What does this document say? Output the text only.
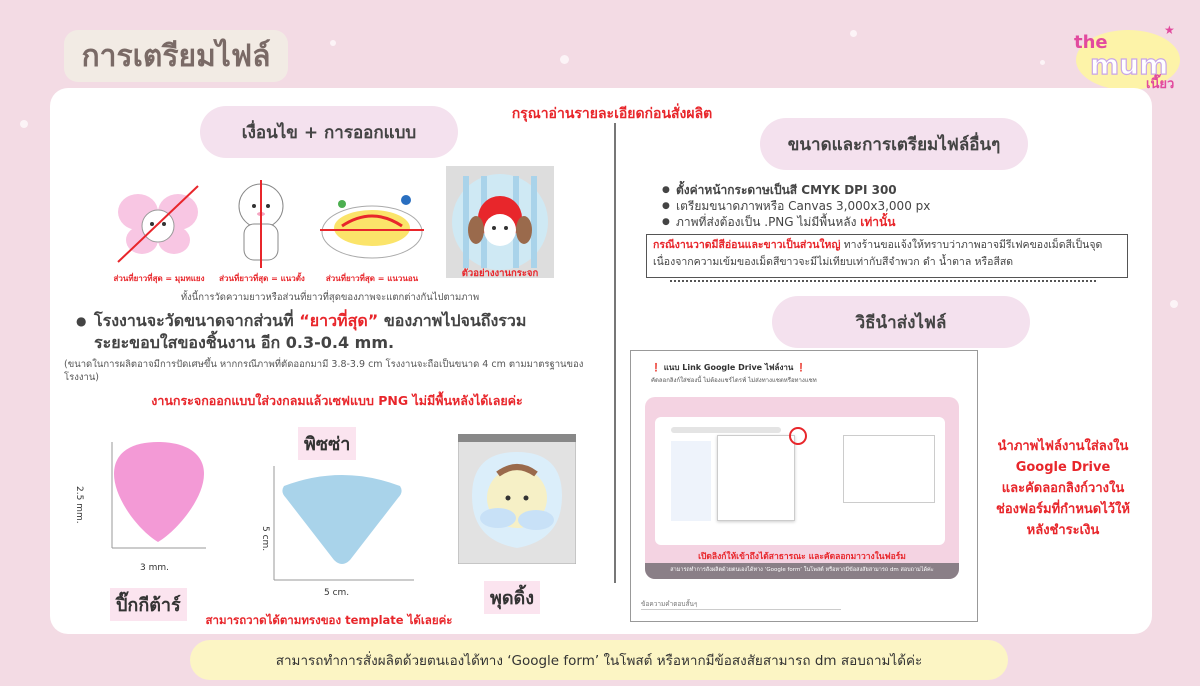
การเตรียมไฟล์	the
mum
เนี๊ยว
★
กรุณาอ่านรายละเอียดก่อนสั่งผลิต
เงื่อนไข + การออกแบบ
ส่วนที่ยาวที่สุด = มุมทแยง	ส่วนที่ยาวที่สุด = แนวตั้ง	ส่วนที่ยาวที่สุด = แนวนอน	ตัวอย่างงานกระจก
ทั้งนี้การวัดความยาวหรือส่วนที่ยาวที่สุดของภาพจะแตกต่างกันไปตามภาพ
● โรงงานจะวัดขนาดจากส่วนที่ “ยาวที่สุด” ของภาพไปจนถึงรวม
ระยะขอบใสของชิ้นงาน อีก 0.3-0.4 mm.
(ขนาดในการผลิตอาจมีการปัดเศษขึ้น หากกรณีภาพที่ตัดออกมามี 3.8-3.9 cm โรงงานจะถือเป็นขนาด 4 cm ตามมาตรฐานของโรงงาน)
งานกระจกออกแบบใส่วงกลมแล้วเซฟแบบ PNG ไม่มีพื้นหลังได้เลยค่ะ
2.5 mm.
3 mm.
ปิ๊กกีต้าร์
พิซซ่า
5 cm.
5 cm.	พุดดิ้ง
สามารถวาดได้ตามทรงของ template ได้เลยค่ะ
ขนาดและการเตรียมไฟล์อื่นๆ
● ตั้งค่าหน้ากระดาษเป็นสี CMYK DPI 300
● เตรียมขนาดภาพหรือ Canvas 3,000x3,000 px
● ภาพที่ส่งต้องเป็น .PNG ไม่มีพื้นหลัง เท่านั้น
กรณีงานวาดมีสีอ่อนและขาวเป็นส่วนใหญ่ ทางร้านขอแจ้งให้ทราบว่าภาพอาจมีรีเฟคของเม็ดสีเป็นจุดเนื่องจากความเข้มของเม็ดสีขาวจะมีไม่เทียบเท่ากับสีจำพวก ดำ น้ำตาล หรือสีสด
วิธีนำส่งไฟล์
❗ แนบ Link Google Drive ไฟล์งาน ❗
คัดลอกลิงก์ใส่ช่องนี้ ไม่ต้องแชร์ไดรฟ์ ไม่ส่งทางแชตหรือทางแชท
เปิดลิงก์ให้เข้าถึงได้สาธารณะ และคัดลอกมาวางในฟอร์ม
สามารถทำการสั่งผลิตด้วยตนเองได้ทาง ‘Google form’ ในโพสต์ หรือหากมีข้อสงสัยสามารถ dm สอบถามได้ค่ะ
ข้อความคำตอบสั้นๆ
นำภาพไฟล์งานใส่ลงใน
Google Drive
และคัดลอกลิงก์วางใน
ช่องฟอร์มที่กำหนดไว้ให้
หลังชำระเงิน
สามารถทำการสั่งผลิตด้วยตนเองได้ทาง ‘Google form’ ในโพสต์ หรือหากมีข้อสงสัยสามารถ dm สอบถามได้ค่ะ
